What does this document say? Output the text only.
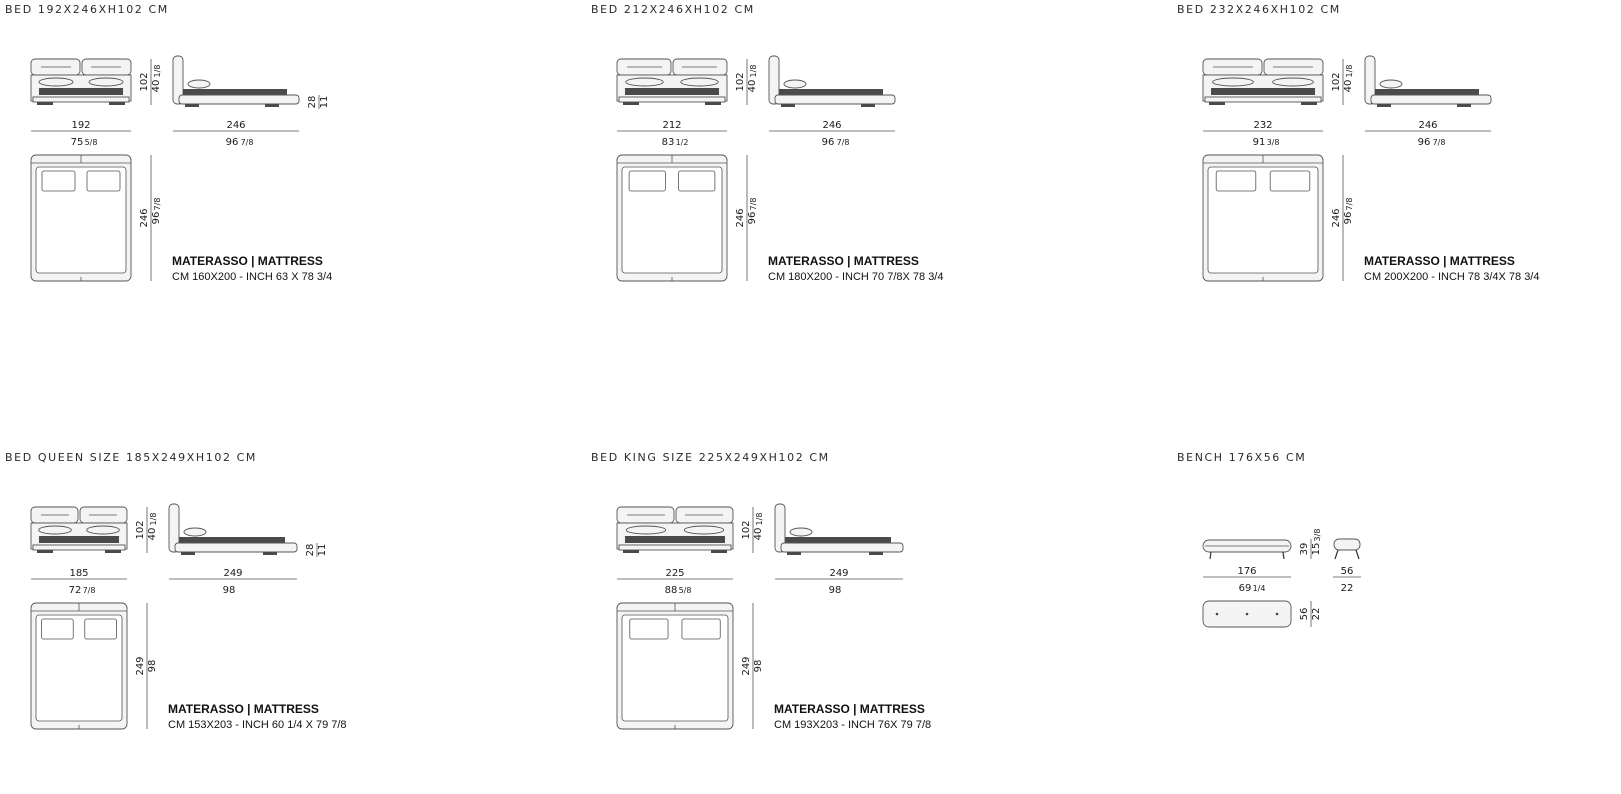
BED 192X246XH102 CM
192
75 5/8
102 40
1/8
246
96 7/8
28 11
246 96
7/8
MATERASSO | MATTRESS
CM 160X200 - INCH 63 X 78 3/4
BED 212X246XH102 CM
212
83 1/2
102 40
1/8
246
96 7/8
246 96
7/8
MATERASSO | MATTRESS
CM 180X200 - INCH 70 7/8X 78 3/4
BED 232X246XH102 CM
232
91 3/8
102 40
1/8
246
96 7/8
246 96
7/8
MATERASSO | MATTRESS
CM 200X200 - INCH 78 3/4X 78 3/4
BED QUEEN SIZE 185X249XH102 CM
185
72 7/8
102 40
1/8
249
98
28 11
249 98
MATERASSO | MATTRESS
CM 153X203 - INCH 60 1/4 X 79 7/8
BED KING SIZE 225X249XH102 CM
225
88 5/8
102 40
1/8
249
98
249 98
MATERASSO | MATTRESS
CM 193X203 - INCH 76X 79 7/8
BENCH 176X56 CM
176
69 1/4
39 15
3/8
56
22
56 22
